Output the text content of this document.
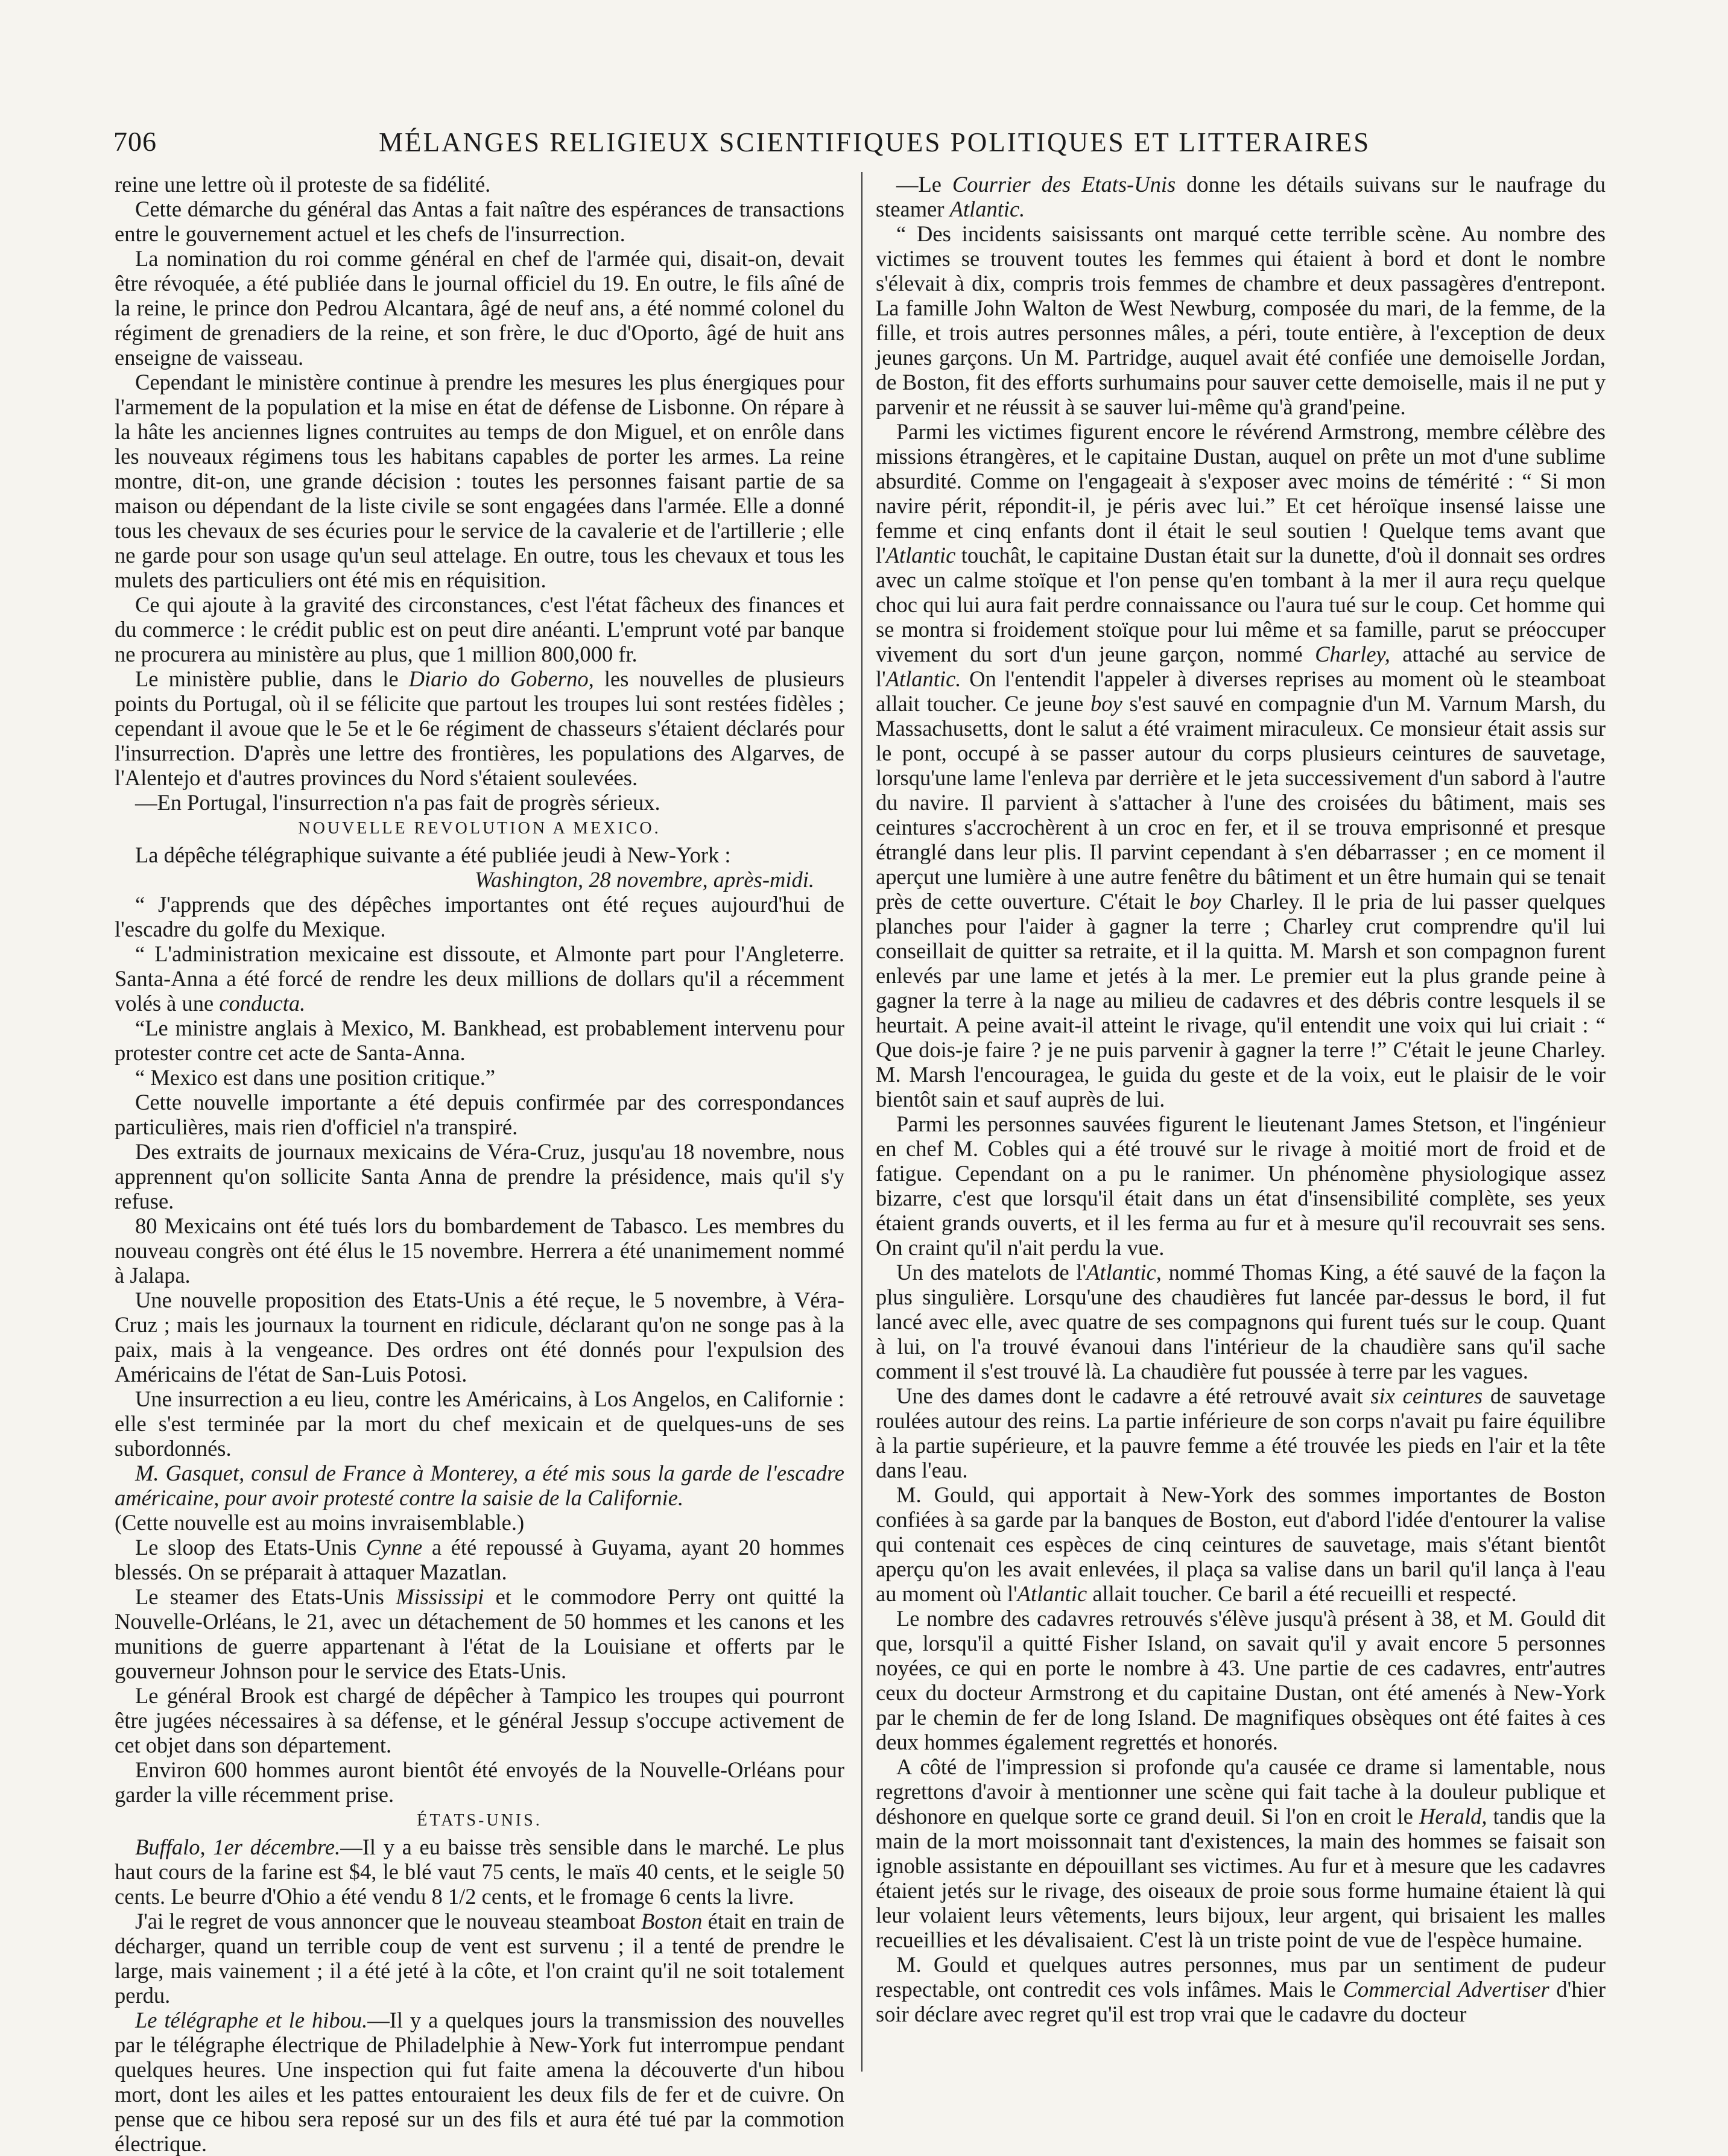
706	MÉLANGES RELIGIEUX SCIENTIFIQUES POLITIQUES ET LITTERAIRES

reine une lettre où il proteste de sa fidélité.

Cette démarche du général das Antas a fait naître des espérances de transactions entre le gouvernement actuel et les chefs de l'insurrection.

La nomination du roi comme général en chef de l'armée qui, disait-on, devait être révoquée, a été publiée dans le journal officiel du 19. En outre, le fils aîné de la reine, le prince don Pedrou Alcantara, âgé de neuf ans, a été nommé colonel du régiment de grenadiers de la reine, et son frère, le duc d'Oporto, âgé de huit ans enseigne de vaisseau.

Cependant le ministère continue à prendre les mesures les plus énergiques pour l'armement de la population et la mise en état de défense de Lisbonne. On répare à la hâte les anciennes lignes contruites au temps de don Miguel, et on enrôle dans les nouveaux régimens tous les habitans capables de porter les armes. La reine montre, dit-on, une grande décision : toutes les personnes faisant partie de sa maison ou dépendant de la liste civile se sont engagées dans l'armée. Elle a donné tous les chevaux de ses écuries pour le service de la cavalerie et de l'artillerie ; elle ne garde pour son usage qu'un seul attelage. En outre, tous les chevaux et tous les mulets des particuliers ont été mis en réquisition.

Ce qui ajoute à la gravité des circonstances, c'est l'état fâcheux des finances et du commerce : le crédit public est on peut dire anéanti. L'emprunt voté par banque ne procurera au ministère au plus, que 1 million 800,000 fr.

Le ministère publie, dans le Diario do Goberno, les nouvelles de plusieurs points du Portugal, où il se félicite que partout les troupes lui sont restées fidèles ; cependant il avoue que le 5e et le 6e régiment de chasseurs s'étaient déclarés pour l'insurrection. D'après une lettre des frontières, les populations des Algarves, de l'Alentejo et d'autres provinces du Nord s'étaient soulevées.

—En Portugal, l'insurrection n'a pas fait de progrès sérieux.

NOUVELLE REVOLUTION A MEXICO.

La dépêche télégraphique suivante a été publiée jeudi à New-York :

Washington, 28 novembre, après-midi.

“ J'apprends que des dépêches importantes ont été reçues aujourd'hui de l'escadre du golfe du Mexique.

“ L'administration mexicaine est dissoute, et Almonte part pour l'Angleterre. Santa-Anna a été forcé de rendre les deux millions de dollars qu'il a récemment volés à une conducta.

“Le ministre anglais à Mexico, M. Bankhead, est probablement intervenu pour protester contre cet acte de Santa-Anna.

“ Mexico est dans une position critique.”

Cette nouvelle importante a été depuis confirmée par des correspondances particulières, mais rien d'officiel n'a transpiré.

Des extraits de journaux mexicains de Véra-Cruz, jusqu'au 18 novembre, nous apprennent qu'on sollicite Santa Anna de prendre la présidence, mais qu'il s'y refuse.

80 Mexicains ont été tués lors du bombardement de Tabasco. Les membres du nouveau congrès ont été élus le 15 novembre. Herrera a été unanimement nommé à Jalapa.

Une nouvelle proposition des Etats-Unis a été reçue, le 5 novembre, à Véra-Cruz ; mais les journaux la tournent en ridicule, déclarant qu'on ne songe pas à la paix, mais à la vengeance. Des ordres ont été donnés pour l'expulsion des Américains de l'état de San-Luis Potosi.

Une insurrection a eu lieu, contre les Américains, à Los Angelos, en Californie : elle s'est terminée par la mort du chef mexicain et de quelques-uns de ses subordonnés.

M. Gasquet, consul de France à Monterey, a été mis sous la garde de l'escadre américaine, pour avoir protesté contre la saisie de la Californie.

(Cette nouvelle est au moins invraisemblable.)

Le sloop des Etats-Unis Cynne a été repoussé à Guyama, ayant 20 hommes blessés. On se préparait à attaquer Mazatlan.

Le steamer des Etats-Unis Mississipi et le commodore Perry ont quitté la Nouvelle-Orléans, le 21, avec un détachement de 50 hommes et les canons et les munitions de guerre appartenant à l'état de la Louisiane et offerts par le gouverneur Johnson pour le service des Etats-Unis.

Le général Brook est chargé de dépêcher à Tampico les troupes qui pourront être jugées nécessaires à sa défense, et le général Jessup s'occupe activement de cet objet dans son département.

Environ 600 hommes auront bientôt été envoyés de la Nouvelle-Orléans pour garder la ville récemment prise.

ÉTATS-UNIS.

Buffalo, 1er décembre.—Il y a eu baisse très sensible dans le marché. Le plus haut cours de la farine est $4, le blé vaut 75 cents, le maïs 40 cents, et le seigle 50 cents. Le beurre d'Ohio a été vendu 8 1/2 cents, et le fromage 6 cents la livre.

J'ai le regret de vous annoncer que le nouveau steamboat Boston était en train de décharger, quand un terrible coup de vent est survenu ; il a tenté de prendre le large, mais vainement ; il a été jeté à la côte, et l'on craint qu'il ne soit totalement perdu.

Le télégraphe et le hibou.—Il y a quelques jours la transmission des nouvelles par le télégraphe électrique de Philadelphie à New-York fut interrompue pendant quelques heures. Une inspection qui fut faite amena la découverte d'un hibou mort, dont les ailes et les pattes entouraient les deux fils de fer et de cuivre. On pense que ce hibou sera reposé sur un des fils et aura été tué par la commotion électrique.

—Le Courrier des Etats-Unis donne les détails suivans sur le naufrage du steamer Atlantic.

“ Des incidents saisissants ont marqué cette terrible scène. Au nombre des victimes se trouvent toutes les femmes qui étaient à bord et dont le nombre s'élevait à dix, compris trois femmes de chambre et deux passagères d'entrepont. La famille John Walton de West Newburg, composée du mari, de la femme, de la fille, et trois autres personnes mâles, a péri, toute entière, à l'exception de deux jeunes garçons. Un M. Partridge, auquel avait été confiée une demoiselle Jordan, de Boston, fit des efforts surhumains pour sauver cette demoiselle, mais il ne put y parvenir et ne réussit à se sauver lui-même qu'à grand'peine.

Parmi les victimes figurent encore le révérend Armstrong, membre célèbre des missions étrangères, et le capitaine Dustan, auquel on prête un mot d'une sublime absurdité. Comme on l'engageait à s'exposer avec moins de témérité : “ Si mon navire périt, répondit-il, je péris avec lui.” Et cet héroïque insensé laisse une femme et cinq enfants dont il était le seul soutien ! Quelque tems avant que l'Atlantic touchât, le capitaine Dustan était sur la dunette, d'où il donnait ses ordres avec un calme stoïque et l'on pense qu'en tombant à la mer il aura reçu quelque choc qui lui aura fait perdre connaissance ou l'aura tué sur le coup. Cet homme qui se montra si froidement stoïque pour lui même et sa famille, parut se préoccuper vivement du sort d'un jeune garçon, nommé Charley, attaché au service de l'Atlantic. On l'entendit l'appeler à diverses reprises au moment où le steamboat allait toucher. Ce jeune boy s'est sauvé en compagnie d'un M. Varnum Marsh, du Massachusetts, dont le salut a été vraiment miraculeux. Ce monsieur était assis sur le pont, occupé à se passer autour du corps plusieurs ceintures de sauvetage, lorsqu'une lame l'enleva par derrière et le jeta successivement d'un sabord à l'autre du navire. Il parvient à s'attacher à l'une des croisées du bâtiment, mais ses ceintures s'accrochèrent à un croc en fer, et il se trouva emprisonné et presque étranglé dans leur plis. Il parvint cependant à s'en débarrasser ; en ce moment il aperçut une lumière à une autre fenêtre du bâtiment et un être humain qui se tenait près de cette ouverture. C'était le boy Charley. Il le pria de lui passer quelques planches pour l'aider à gagner la terre ; Charley crut comprendre qu'il lui conseillait de quitter sa retraite, et il la quitta. M. Marsh et son compagnon furent enlevés par une lame et jetés à la mer. Le premier eut la plus grande peine à gagner la terre à la nage au milieu de cadavres et des débris contre lesquels il se heurtait. A peine avait-il atteint le rivage, qu'il entendit une voix qui lui criait : “ Que dois-je faire ? je ne puis parvenir à gagner la terre !” C'était le jeune Charley. M. Marsh l'encouragea, le guida du geste et de la voix, eut le plaisir de le voir bientôt sain et sauf auprès de lui.

Parmi les personnes sauvées figurent le lieutenant James Stetson, et l'ingénieur en chef M. Cobles qui a été trouvé sur le rivage à moitié mort de froid et de fatigue. Cependant on a pu le ranimer. Un phénomène physiologique assez bizarre, c'est que lorsqu'il était dans un état d'insensibilité complète, ses yeux étaient grands ouverts, et il les ferma au fur et à mesure qu'il recouvrait ses sens. On craint qu'il n'ait perdu la vue.

Un des matelots de l'Atlantic, nommé Thomas King, a été sauvé de la façon la plus singulière. Lorsqu'une des chaudières fut lancée par-dessus le bord, il fut lancé avec elle, avec quatre de ses compagnons qui furent tués sur le coup. Quant à lui, on l'a trouvé évanoui dans l'intérieur de la chaudière sans qu'il sache comment il s'est trouvé là. La chaudière fut poussée à terre par les vagues.

Une des dames dont le cadavre a été retrouvé avait six ceintures de sauvetage roulées autour des reins. La partie inférieure de son corps n'avait pu faire équilibre à la partie supérieure, et la pauvre femme a été trouvée les pieds en l'air et la tête dans l'eau.

M. Gould, qui apportait à New-York des sommes importantes de Boston confiées à sa garde par la banques de Boston, eut d'abord l'idée d'entourer la valise qui contenait ces espèces de cinq ceintures de sauvetage, mais s'étant bientôt aperçu qu'on les avait enlevées, il plaça sa valise dans un baril qu'il lança à l'eau au moment où l'Atlantic allait toucher. Ce baril a été recueilli et respecté.

Le nombre des cadavres retrouvés s'élève jusqu'à présent à 38, et M. Gould dit que, lorsqu'il a quitté Fisher Island, on savait qu'il y avait encore 5 personnes noyées, ce qui en porte le nombre à 43. Une partie de ces cadavres, entr'autres ceux du docteur Armstrong et du capitaine Dustan, ont été amenés à New-York par le chemin de fer de long Island. De magnifiques obsèques ont été faites à ces deux hommes également regrettés et honorés.

A côté de l'impression si profonde qu'a causée ce drame si lamentable, nous regrettons d'avoir à mentionner une scène qui fait tache à la douleur publique et déshonore en quelque sorte ce grand deuil. Si l'on en croit le Herald, tandis que la main de la mort moissonnait tant d'existences, la main des hommes se faisait son ignoble assistante en dépouillant ses victimes. Au fur et à mesure que les cadavres étaient jetés sur le rivage, des oiseaux de proie sous forme humaine étaient là qui leur volaient leurs vêtements, leurs bijoux, leur argent, qui brisaient les malles recueillies et les dévalisaient. C'est là un triste point de vue de l'espèce humaine.

M. Gould et quelques autres personnes, mus par un sentiment de pudeur respectable, ont contredit ces vols infâmes. Mais le Commercial Advertiser d'hier soir déclare avec regret qu'il est trop vrai que le cadavre du docteur
